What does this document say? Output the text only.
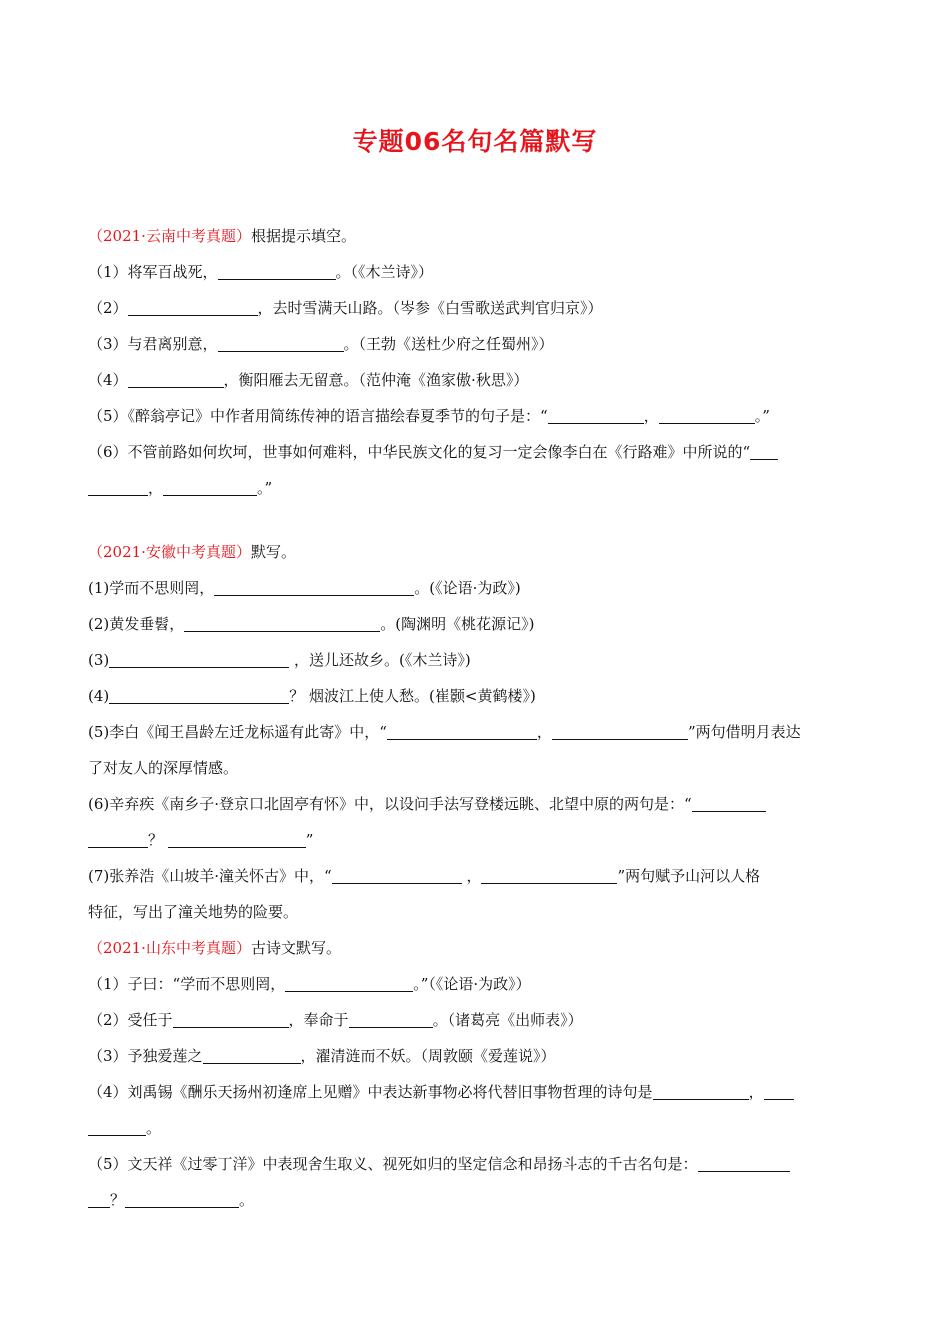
专题06名句名篇默写
（2021·云南中考真题）根据提示填空。
（1）将军百战死，	。（《木兰诗》）
（2）	，去时雪满天山路。（岑参《白雪歌送武判官归京》）
（3）与君离别意，	。（王勃《送杜少府之任蜀州》）
（4）	，衡阳雁去无留意。（范仲淹《渔家傲·秋思》）
（5）《醉翁亭记》中作者用简练传神的语言描绘春夏季节的句子是：“	，	。”
（6）不管前路如何坎坷，世事如何难料，中华民族文化的复习一定会像李白在《行路难》中所说的“
，	。”
（2021·安徽中考真题）默写。
(1)学而不思则罔，	。(《论语·为政》)
(2)黄发垂髫，	。(陶渊明《桃花源记》)
(3)	，送儿还故乡。(《木兰诗》)
(4)	？ 烟波江上使人愁。(崔颢<黄鹤楼》)
(5)李白《闻王昌龄左迁龙标遥有此寄》中，“	，	”两句借明月表达
了对友人的深厚情感。
(6)辛弃疾《南乡子·登京口北固亭有怀》中，以设问手法写登楼远眺、北望中原的两句是：“
？	”
(7)张养浩《山坡羊·潼关怀古》中，“	，	”两句赋予山河以人格
特征，写出了潼关地势的险要。
（2021·山东中考真题）古诗文默写。
（1）子曰：“学而不思则罔，	。”（《论语·为政》）
（2）受任于	，奉命于	。（诸葛亮《出师表》）
（3）予独爱莲之	，濯清涟而不妖。（周敦颐《爱莲说》）
（4）刘禹锡《酬乐天扬州初逢席上见赠》中表达新事物必将代替旧事物哲理的诗句是	，
。
（5）文天祥《过零丁洋》中表现舍生取义、视死如归的坚定信念和昂扬斗志的千古名句是：
？	。
